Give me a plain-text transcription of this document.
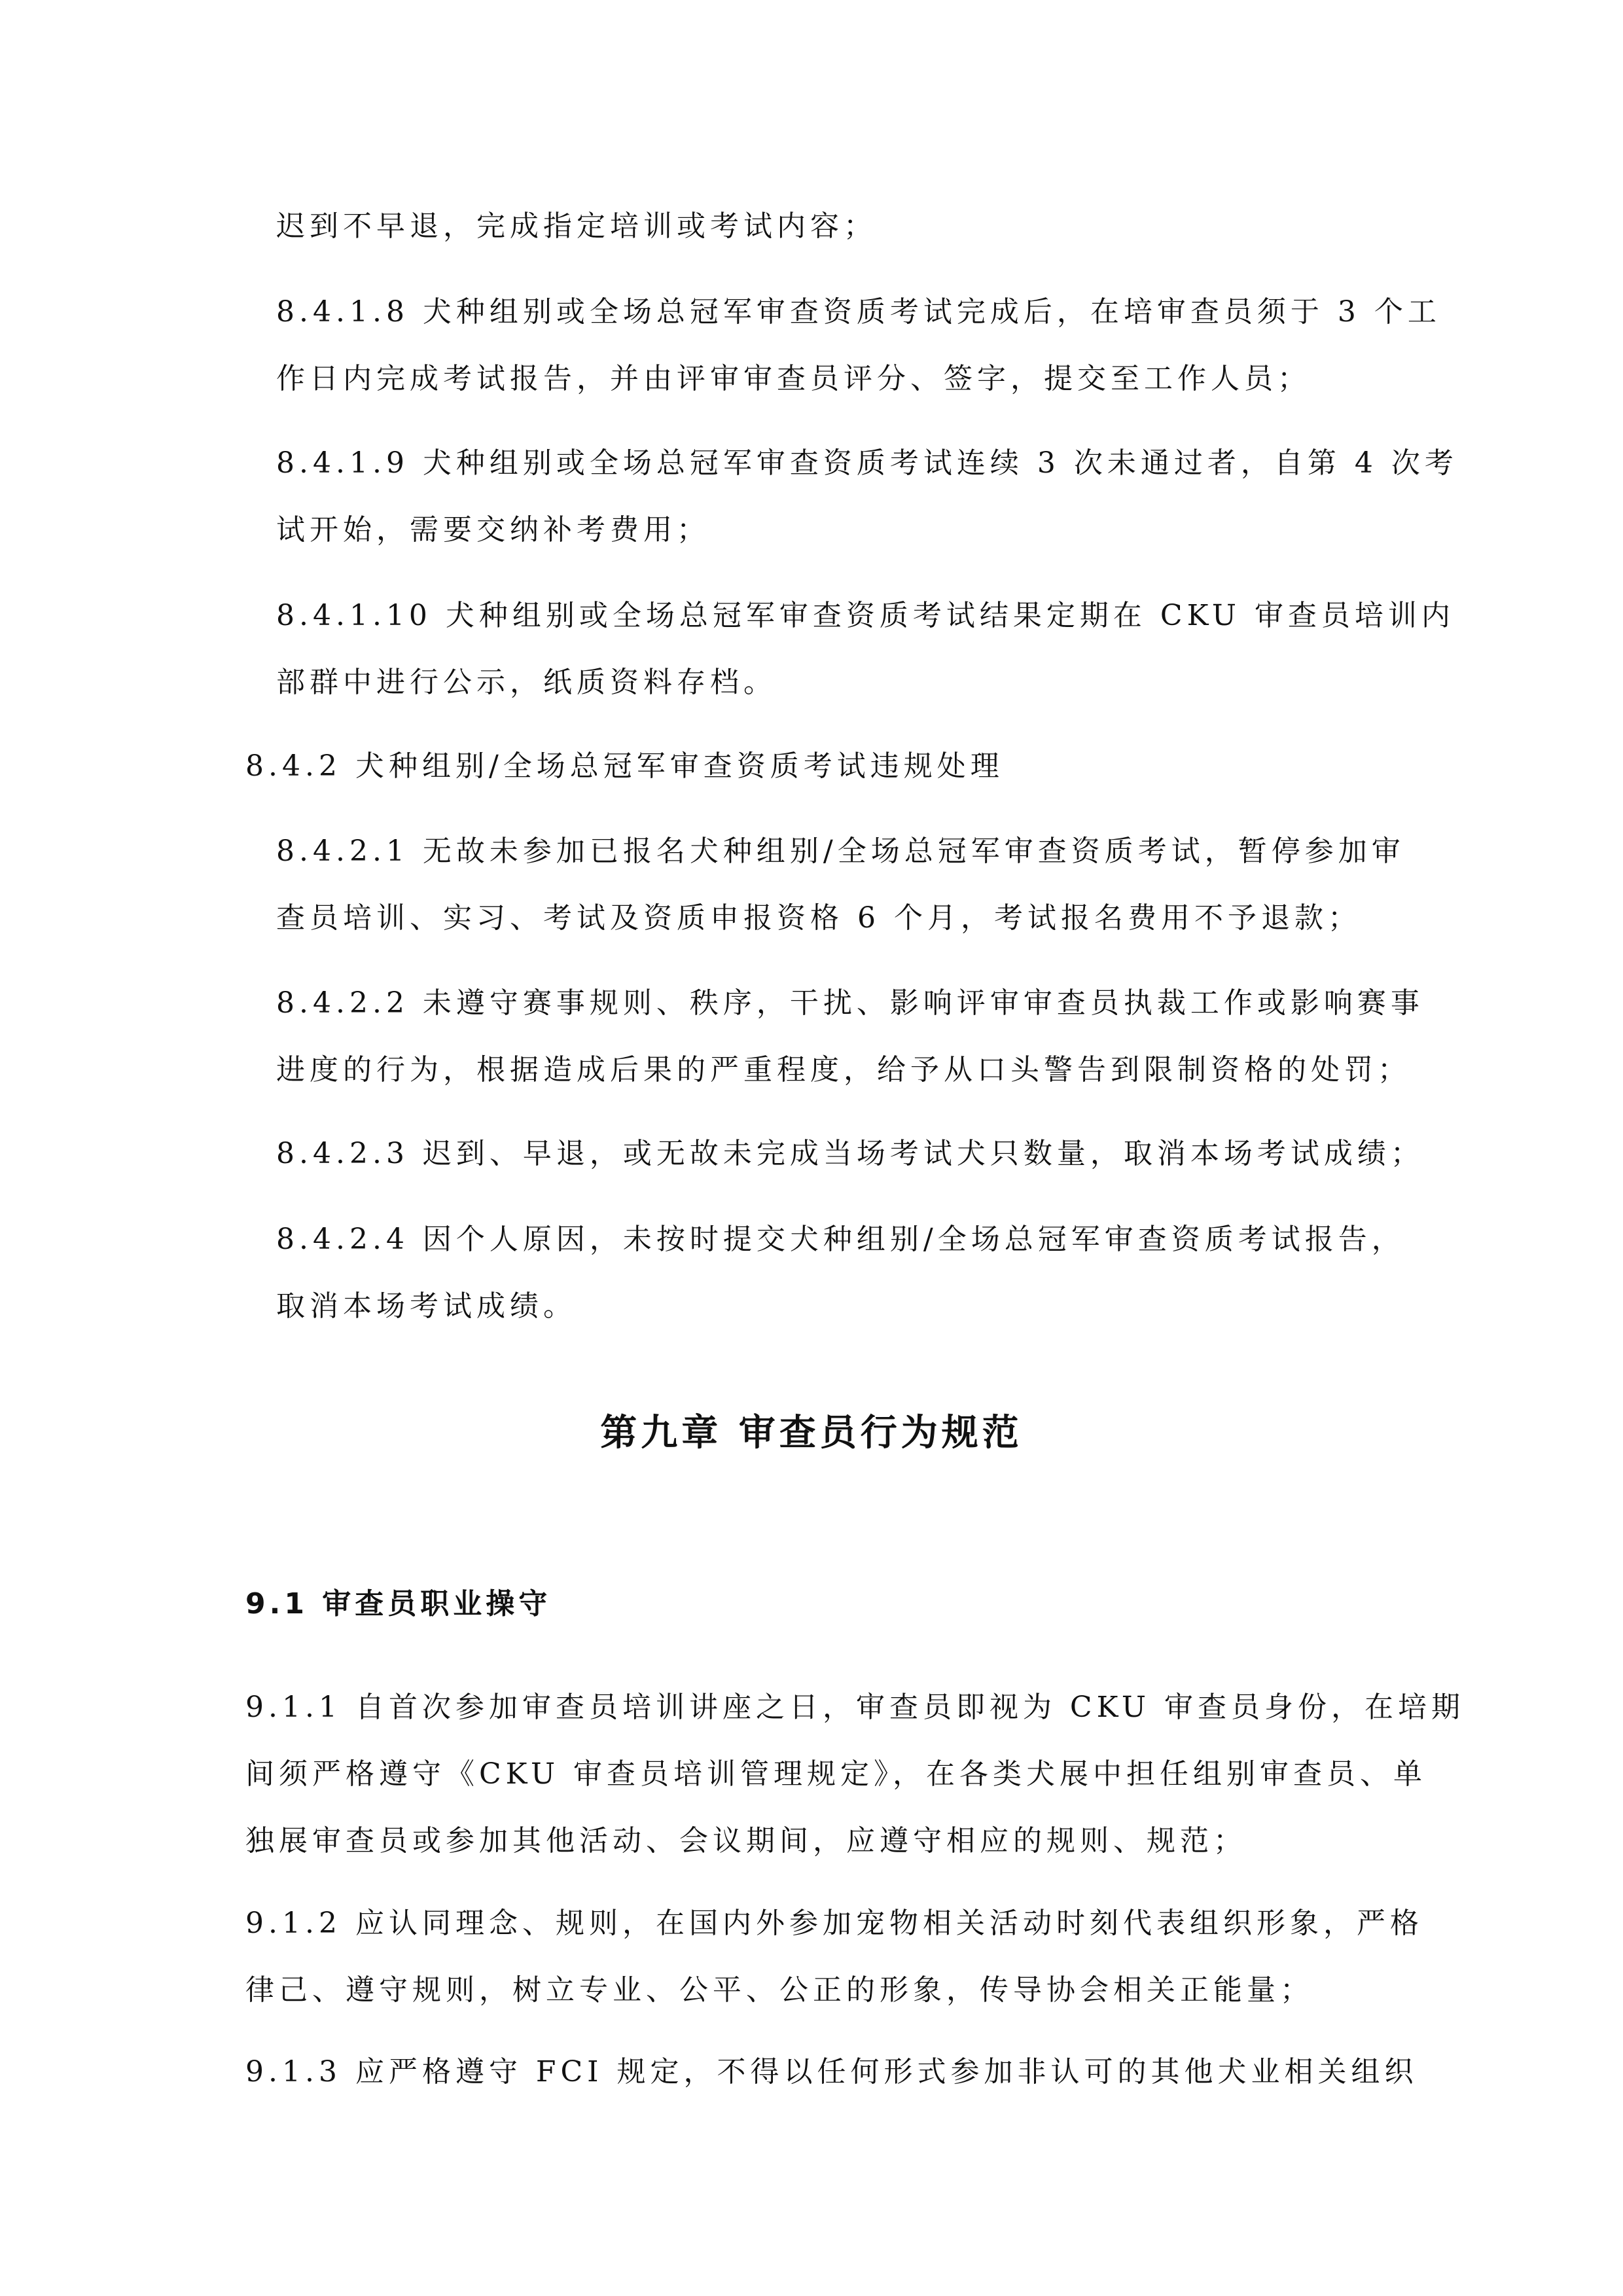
迟到不早退，完成指定培训或考试内容；
8.4.1.8 犬种组别或全场总冠军审查资质考试完成后，在培审查员须于 3 个工
作日内完成考试报告，并由评审审查员评分、签字，提交至工作人员；
8.4.1.9 犬种组别或全场总冠军审查资质考试连续 3 次未通过者，自第 4 次考
试开始，需要交纳补考费用；
8.4.1.10 犬种组别或全场总冠军审查资质考试结果定期在 CKU 审查员培训内
部群中进行公示，纸质资料存档。
8.4.2 犬种组别/全场总冠军审查资质考试违规处理
8.4.2.1 无故未参加已报名犬种组别/全场总冠军审查资质考试，暂停参加审
查员培训、实习、考试及资质申报资格 6 个月，考试报名费用不予退款；
8.4.2.2 未遵守赛事规则、秩序，干扰、影响评审审查员执裁工作或影响赛事
进度的行为，根据造成后果的严重程度，给予从口头警告到限制资格的处罚；
8.4.2.3 迟到、早退，或无故未完成当场考试犬只数量，取消本场考试成绩；
8.4.2.4 因个人原因，未按时提交犬种组别/全场总冠军审查资质考试报告，
取消本场考试成绩。
第九章 审查员行为规范
9.1 审查员职业操守
9.1.1 自首次参加审查员培训讲座之日，审查员即视为 CKU 审查员身份，在培期
间须严格遵守《CKU 审查员培训管理规定》，在各类犬展中担任组别审查员、单
独展审查员或参加其他活动、会议期间，应遵守相应的规则、规范；
9.1.2 应认同理念、规则，在国内外参加宠物相关活动时刻代表组织形象，严格
律己、遵守规则，树立专业、公平、公正的形象，传导协会相关正能量；
9.1.3 应严格遵守 FCI 规定，不得以任何形式参加非认可的其他犬业相关组织
